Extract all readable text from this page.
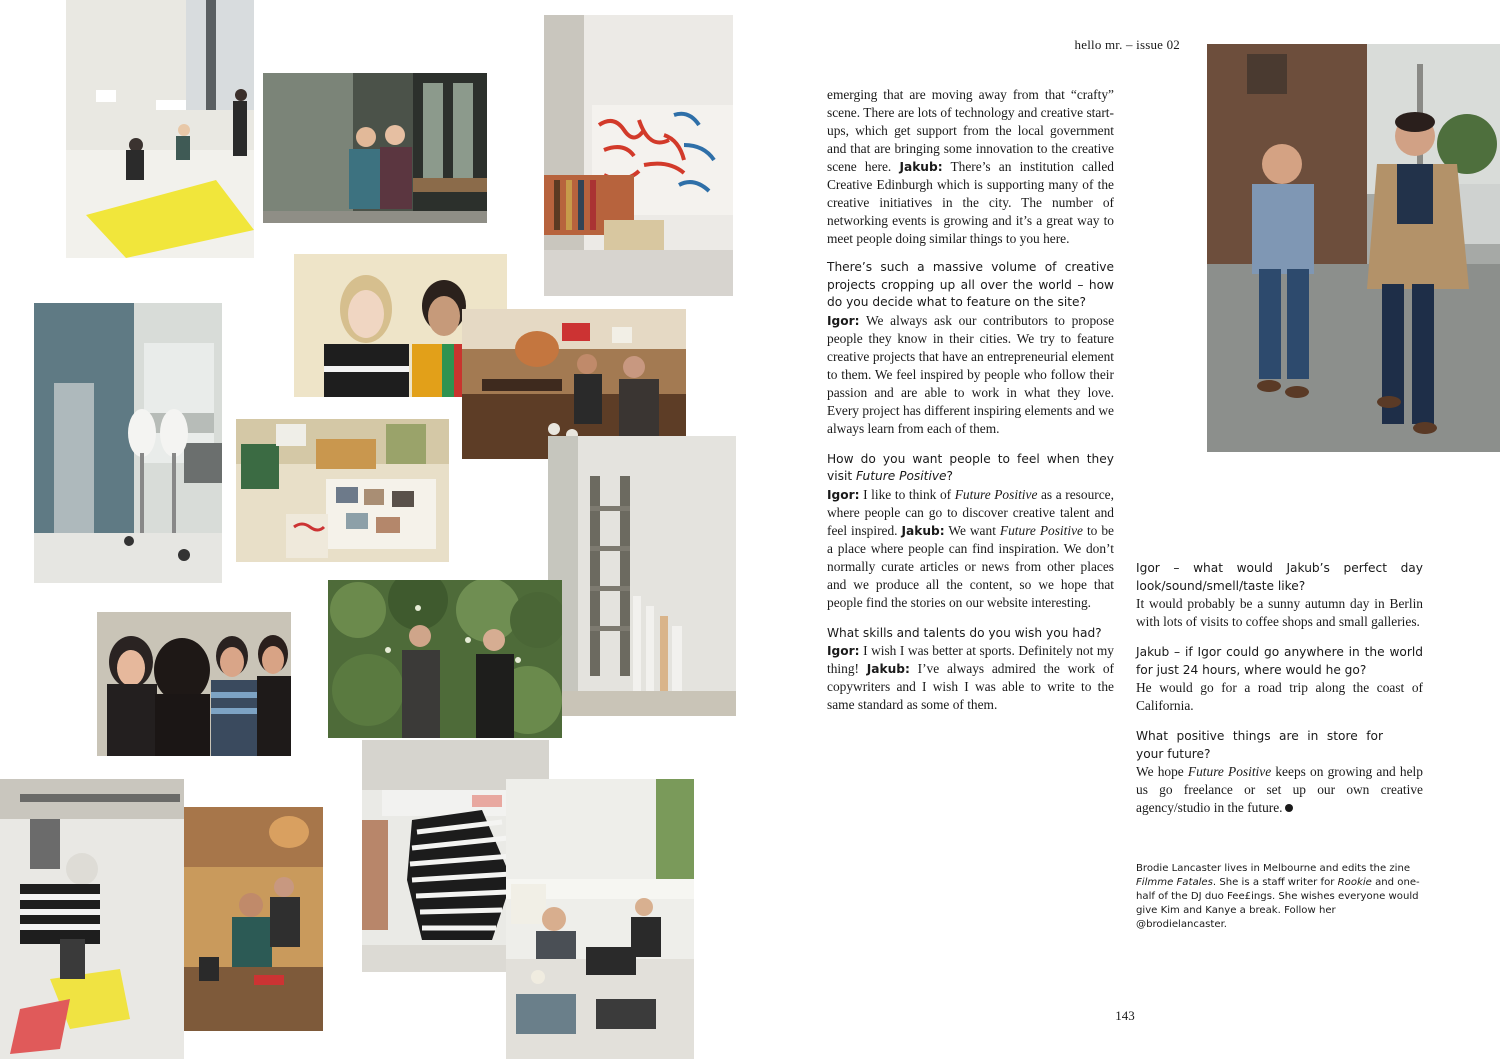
hello mr. – issue 02

emerging that are moving away from that “crafty” scene. There are lots of technology and creative start-ups, which get support from the local government and that are bringing some innovation to the creative scene here. Jakub: There’s an institution called Creative Edinburgh which is supporting many of the creative initiatives in the city. The number of networking events is growing and it’s a great way to meet people doing similar things to you here.

There’s such a massive volume of creative projects cropping up all over the world – how do you decide what to feature on the site?
Igor: We always ask our contributors to propose people they know in their cities. We try to feature creative projects that have an entrepreneurial element to them. We feel inspired by people who follow their passion and are able to work in what they love. Every project has different inspiring elements and we always learn from each of them.

How do you want people to feel when they visit Future Positive?
Igor: I like to think of Future Positive as a resource, where people can go to discover creative talent and feel inspired. Jakub: We want Future Positive to be a place where people can find inspiration. We don’t normally curate articles or news from other places and we produce all the content, so we hope that people find the stories on our website interesting.

What skills and talents do you wish you had?
Igor: I wish I was better at sports. Definitely not my thing! Jakub: I’ve always admired the work of copywriters and I wish I was able to write to the same standard as some of them.

Igor – what would Jakub’s perfect day look/sound/smell/taste like?
It would probably be a sunny autumn day in Berlin with lots of visits to coffee shops and small galleries.

Jakub – if Igor could go anywhere in the world for just 24 hours, where would he go?
He would go for a road trip along the coast of California.

What positive things are in store for your future?
We hope Future Positive keeps on growing and help us go freelance or set up our own creative agency/studio in the future.

Brodie Lancaster lives in Melbourne and edits the zine Filmme Fatales. She is a staff writer for Rookie and one-half of the DJ duo Fee£ings. She wishes everyone would give Kim and Kanye a break. Follow her @brodielancaster.
143
